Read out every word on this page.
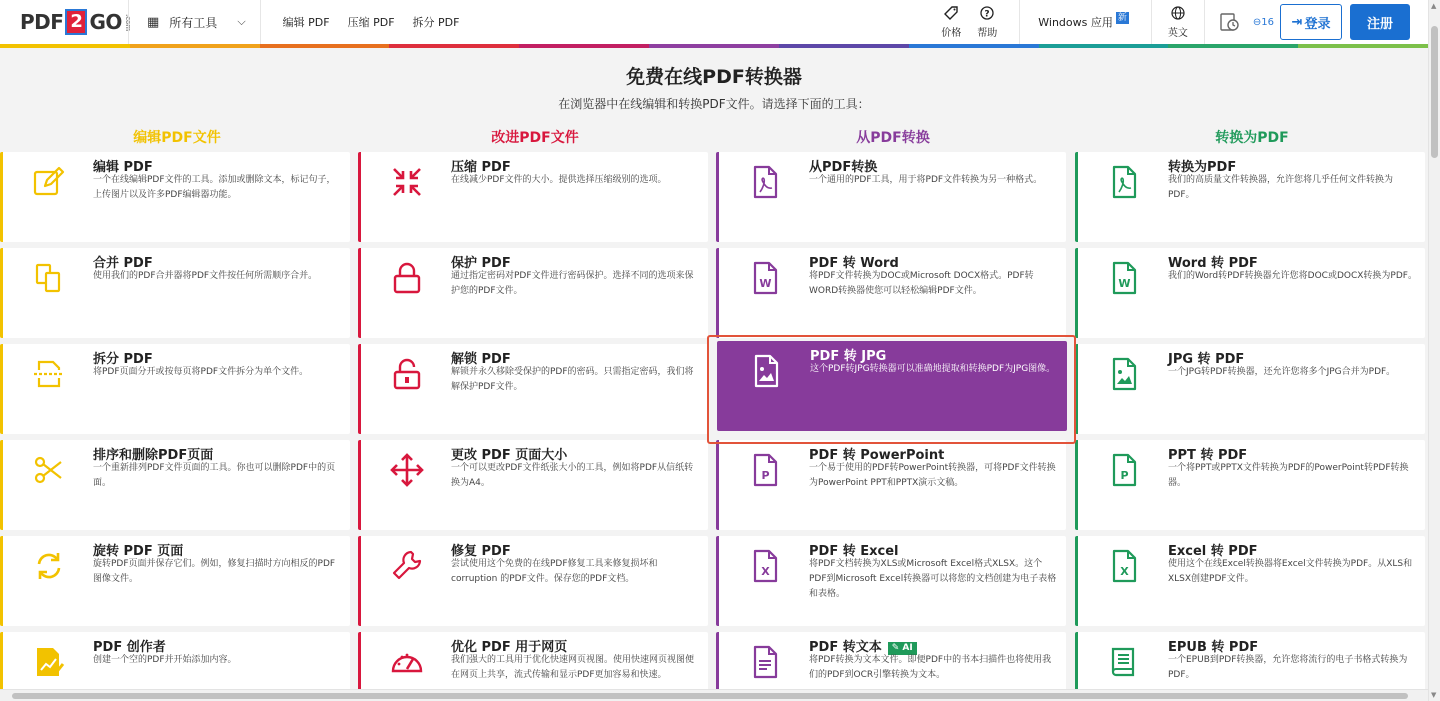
PDF 2 GO ▦ 所有工具 ⌵	编辑 PDF	压缩 PDF	拆分 PDF
价格
?
帮助
Windows 应用 新
英文
⊖16	⇥ 登录	注册
免费在线PDF转换器
在浏览器中在线编辑和转换PDF文件。请选择下面的工具：
编辑PDF文件
编辑 PDF
一个在线编辑PDF文件的工具。添加或删除文本，标记句子，上传图片以及许多PDF编辑器功能。
合并 PDF
使用我们的PDF合并器将PDF文件按任何所需顺序合并。
拆分 PDF
将PDF页面分开或按每页将PDF文件拆分为单个文件。
排序和删除PDF页面
一个重新排列PDF文件页面的工具。你也可以删除PDF中的页面。
旋转 PDF 页面
旋转PDF页面并保存它们。例如，修复扫描时方向相反的PDF图像文件。
PDF 创作者
创建一个空的PDF并开始添加内容。
改进PDF文件
压缩 PDF
在线减少PDF文件的大小。提供选择压缩级别的选项。
保护 PDF
通过指定密码对PDF文件进行密码保护。选择不同的选项来保护您的PDF文件。
解锁 PDF
解锁并永久移除受保护的PDF的密码。只需指定密码，我们将解保护PDF文件。
更改 PDF 页面大小
一个可以更改PDF文件纸张大小的工具，例如将PDF从信纸转换为A4。
修复 PDF
尝试使用这个免费的在线PDF修复工具来修复损坏和corruption 的PDF文件。保存您的PDF文档。
优化 PDF 用于网页
我们强大的工具用于优化快速网页视图。使用快速网页视图便在网页上共享，流式传输和显示PDF更加容易和快速。
从PDF转换
从PDF转换
一个通用的PDF工具，用于将PDF文件转换为另一种格式。
W
PDF 转 Word
将PDF文件转换为DOC或Microsoft DOCX格式。PDF转WORD转换器使您可以轻松编辑PDF文件。
PDF 转 JPG
这个PDF转JPG转换器可以准确地提取和转换PDF为JPG图像。
P
PDF 转 PowerPoint
一个易于使用的PDF转PowerPoint转换器，可将PDF文件转换为PowerPoint PPT和PPTX演示文稿。
X
PDF 转 Excel
将PDF文档转换为XLS或Microsoft Excel格式XLSX。这个PDF到Microsoft Excel转换器可以将您的文档创建为电子表格和表格。
PDF 转文本 ✎ AI
将PDF转换为文本文件。即便PDF中的书本扫描件也将使用我们的PDF到OCR引擎转换为文本。
转换为PDF
转换为PDF
我们的高质量文件转换器，允许您将几乎任何文件转换为PDF。
W
Word 转 PDF
我们的Word转PDF转换器允许您将DOC或DOCX转换为PDF。
JPG 转 PDF
一个JPG转PDF转换器，还允许您将多个JPG合并为PDF。
P
PPT 转 PDF
一个将PPT或PPTX文件转换为PDF的PowerPoint转PDF转换器。
X
Excel 转 PDF
使用这个在线Excel转换器将Excel文件转换为PDF。从XLS和XLSX创建PDF文件。
EPUB 转 PDF
一个EPUB到PDF转换器，允许您将流行的电子书格式转换为PDF。
▲
▼
